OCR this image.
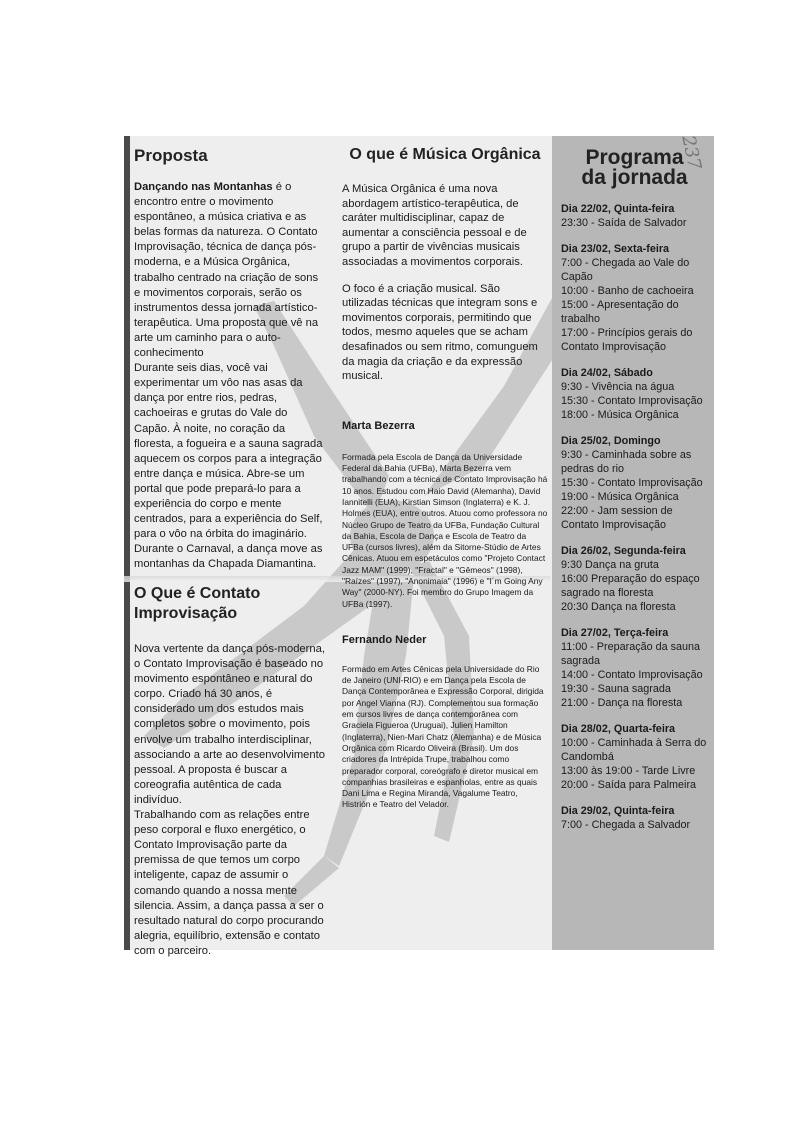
Proposta

Dançando nas Montanhas é o encontro entre o movimento espontâneo, a música criativa e as belas formas da natureza. O Contato Improvisação, técnica de dança pós-moderna, e a Música Orgânica, trabalho centrado na criação de sons e movimentos corporais, serão os instrumentos dessa jornada artístico-terapêutica. Uma proposta que vê na arte um caminho para o auto-conhecimento

Durante seis dias, você vai experimentar um vôo nas asas da dança por entre rios, pedras, cachoeiras e grutas do Vale do Capão. À noite, no coração da floresta, a fogueira e a sauna sagrada aquecem os corpos para a integração entre dança e música. Abre-se um portal que pode prepará-lo para a experiência do corpo e mente centrados, para a experiência do Self, para o vôo na órbita do imaginário. Durante o Carnaval, a dança move as montanhas da Chapada Diamantina.

O Que é Contato Improvisação

Nova vertente da dança pós-moderna, o Contato Improvisação é baseado no movimento espontâneo e natural do corpo. Criado há 30 anos, é considerado um dos estudos mais completos sobre o movimento, pois envolve um trabalho interdisciplinar, associando a arte ao desenvolvimento pessoal. A proposta é buscar a coreografia autêntica de cada indivíduo.

Trabalhando com as relações entre peso corporal e fluxo energético, o Contato Improvisação parte da premissa de que temos um corpo inteligente, capaz de assumir o comando quando a nossa mente silencia. Assim, a dança passa a ser o resultado natural do corpo procurando alegria, equilíbrio, extensão e contato com o parceiro.

O que é Música Orgânica

A Música Orgânica é uma nova abordagem artístico-terapêutica, de caráter multidisciplinar, capaz de aumentar a consciência pessoal e de grupo a partir de vivências musicais associadas a movimentos corporais.

O foco é a criação musical. São utilizadas técnicas que integram sons e movimentos corporais, permitindo que todos, mesmo aqueles que se acham desafinados ou sem ritmo, comunguem da magia da criação e da expressão musical.

Marta Bezerra

Formada pela Escola de Dança da Universidade Federal da Bahia (UFBa), Marta Bezerra vem trabalhando com a técnica de Contato Improvisação há 10 anos. Estudou com Haio David (Alemanha), David Iannitelli (EUA), Kirstian Simson (Inglaterra) e K. J. Holmes (EUA), entre outros. Atuou como professora no Núcleo Grupo de Teatro da UFBa, Fundação Cultural da Bahia, Escola de Dança e Escola de Teatro da UFBa (cursos livres), além da Sitorne-Stúdio de Artes Cênicas. Atuou em espetáculos como "Projeto Contact Jazz MAM" (1999), "Fractal" e "Gêmeos" (1998), "Raízes" (1997), "Anonimaia" (1996) e "I´m Going Any Way" (2000-NY). Foi membro do Grupo Imagem da UFBa (1997).

Fernando Neder

Formado em Artes Cênicas pela Universidade do Rio de Janeiro (UNI-RIO) e em Dança pela Escola de Dança Contemporânea e Expressão Corporal, dirigida por Angel Vianna (RJ). Complementou sua formação em cursos livres de dança contemporânea com Graciela Figueroa (Uruguai), Julien Hamilton (Inglaterra), Nien-Mari Chatz (Alemanha) e de Música Orgânica com Ricardo Oliveira (Brasil). Um dos criadores da Intrépida Trupe, trabalhou como preparador corporal, coreógrafo e diretor musical em companhias brasileiras e espanholas, entre as quais Dani Lima e Regina Miranda, Vagalume Teatro, Histrión e Teatro del Velador.

237
Programa
da jornada
Dia 22/02, Quinta-feira
23:30 - Saída de Salvador
Dia 23/02, Sexta-feira
7:00 - Chegada ao Vale do Capão
10:00 - Banho de cachoeira
15:00 - Apresentação do trabalho
17:00 - Princípios gerais do Contato Improvisação
Dia 24/02, Sábado
9:30 - Vivência na água
15:30 - Contato Improvisação
18:00 - Música Orgânica
Dia 25/02, Domingo
9:30 - Caminhada sobre as pedras do rio
15:30 - Contato Improvisação
19:00 - Música Orgânica
22:00 - Jam session de Contato Improvisação
Dia 26/02, Segunda-feira
9:30 Dança na gruta
16:00 Preparação do espaço sagrado na floresta
20:30 Dança na floresta
Dia 27/02, Terça-feira
11:00 - Preparação da sauna sagrada
14:00 - Contato Improvisação
19:30 - Sauna sagrada
21:00 - Dança na floresta
Dia 28/02, Quarta-feira
10:00 - Caminhada à Serra do Candombá
13:00 às 19:00 - Tarde Livre
20:00 - Saída para Palmeira
Dia 29/02, Quinta-feira
7:00 - Chegada a Salvador
